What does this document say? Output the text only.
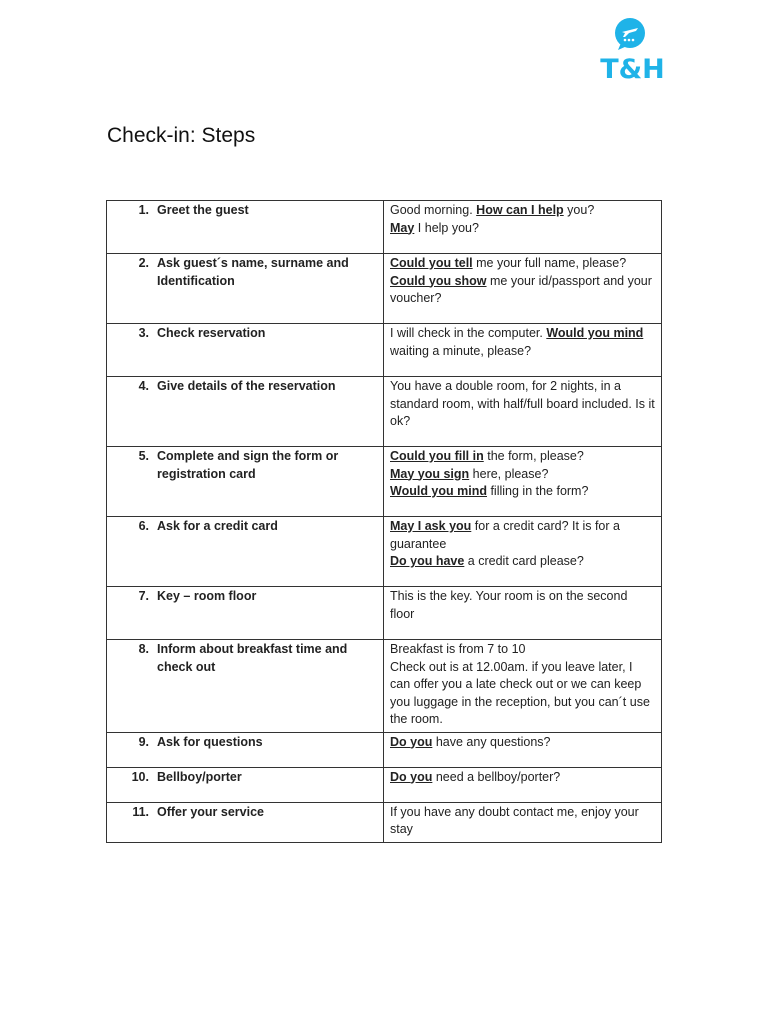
T&H
Check-in: Steps
1. Greet the guest	Good morning. How can I help you?
May I help you?

2. Ask guest´s name, surname and Identification	Could you tell me your full name, please?
Could you show me your id/passport and your voucher?

3. Check reservation	I will check in the computer. Would you mind waiting a minute, please?

4. Give details of the reservation	You have a double room, for 2 nights, in a standard room, with half/full board included. Is it ok?

5. Complete and sign the form or registration card	Could you fill in the form, please?
May you sign here, please?
Would you mind filling in the form?

6. Ask for a credit card	May I ask you for a credit card? It is for a guarantee
Do you have a credit card please?

7. Key – room floor	This is the key. Your room is on the second floor

8. Inform about breakfast time and check out	Breakfast is from 7 to 10
Check out is at 12.00am. if you leave later, I can offer you a late check out or we can keep you luggage in the reception, but you can´t use the room.

9. Ask for questions	Do you have any questions?

10. Bellboy/porter	Do you need a bellboy/porter?

11. Offer your service	If you have any doubt contact me, enjoy your stay
